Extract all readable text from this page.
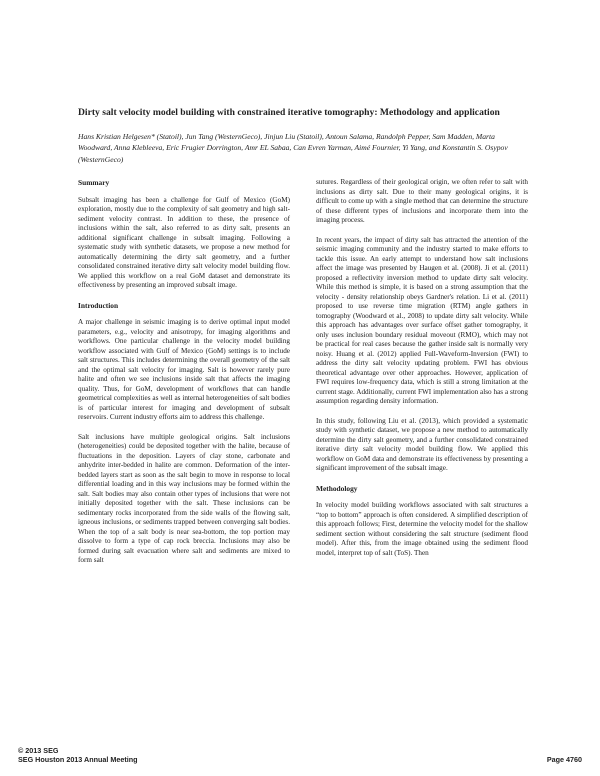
Dirty salt velocity model building with constrained iterative tomography: Methodology and application
Hans Kristian Helgesen* (Statoil), Jun Tang (WesternGeco), Jinjun Liu (Statoil), Antoun Salama, Randolph Pepper, Sam Madden, Marta Woodward, Anna Klebleeva, Eric Frugier Dorrington, Amr EL Sabaa, Can Evren Yarman, Aimé Fournier, Yi Yang, and Konstantin S. Osypov (WesternGeco)
Summary

Subsalt imaging has been a challenge for Gulf of Mexico (GoM) exploration, mostly due to the complexity of salt geometry and high salt-sediment velocity contrast. In addition to these, the presence of inclusions within the salt, also referred to as dirty salt, presents an additional significant challenge in subsalt imaging. Following a systematic study with synthetic datasets, we propose a new method for automatically determining the dirty salt geometry, and a further consolidated constrained iterative dirty salt velocity model building flow. We applied this workflow on a real GoM dataset and demonstrate its effectiveness by presenting an improved subsalt image.

Introduction

A major challenge in seismic imaging is to derive optimal input model parameters, e.g., velocity and anisotropy, for imaging algorithms and workflows. One particular challenge in the velocity model building workflow associated with Gulf of Mexico (GoM) settings is to include salt structures. This includes determining the overall geometry of the salt and the optimal salt velocity for imaging. Salt is however rarely pure halite and often we see inclusions inside salt that affects the imaging quality. Thus, for GoM, development of workflows that can handle geometrical complexities as well as internal heterogeneities of salt bodies is of particular interest for imaging and development of subsalt reservoirs. Current industry efforts aim to address this challenge.

Salt inclusions have multiple geological origins. Salt inclusions (heterogeneities) could be deposited together with the halite, because of fluctuations in the deposition. Layers of clay stone, carbonate and anhydrite inter-bedded in halite are common. Deformation of the inter-bedded layers start as soon as the salt begin to move in response to local differential loading and in this way inclusions may be formed within the salt. Salt bodies may also contain other types of inclusions that were not initially deposited together with the salt. These inclusions can be sedimentary rocks incorporated from the side walls of the flowing salt, igneous inclusions, or sediments trapped between converging salt bodies. When the top of a salt body is near sea-bottom, the top portion may dissolve to form a type of cap rock breccia. Inclusions may also be formed during salt evacuation where salt and sediments are mixed to form salt

sutures. Regardless of their geological origin, we often refer to salt with inclusions as dirty salt. Due to their many geological origins, it is difficult to come up with a single method that can determine the structure of these different types of inclusions and incorporate them into the imaging process.

In recent years, the impact of dirty salt has attracted the attention of the seismic imaging community and the industry started to make efforts to tackle this issue. An early attempt to understand how salt inclusions affect the image was presented by Haugen et al. (2008). Ji et al. (2011) proposed a reflectivity inversion method to update dirty salt velocity. While this method is simple, it is based on a strong assumption that the velocity - density relationship obeys Gardner's relation. Li et al. (2011) proposed to use reverse time migration (RTM) angle gathers in tomography (Woodward et al., 2008) to update dirty salt velocity. While this approach has advantages over surface offset gather tomography, it only uses inclusion boundary residual moveout (RMO), which may not be practical for real cases because the gather inside salt is normally very noisy. Huang et al. (2012) applied Full-Waveform-Inversion (FWI) to address the dirty salt velocity updating problem. FWI has obvious theoretical advantage over other approaches. However, application of FWI requires low-frequency data, which is still a strong limitation at the current stage. Additionally, current FWI implementation also has a strong assumption regarding density information.

In this study, following Liu et al. (2013), which provided a systematic study with synthetic dataset, we propose a new method to automatically determine the dirty salt geometry, and a further consolidated constrained iterative dirty salt velocity model building flow. We applied this workflow on GoM data and demonstrate its effectiveness by presenting a significant improvement of the subsalt image.

Methodology

In velocity model building workflows associated with salt structures a “top to bottom” approach is often considered. A simplified description of this approach follows; First, determine the velocity model for the shallow sediment section without considering the salt structure (sediment flood model). After this, from the image obtained using the sediment flood model, interpret top of salt (ToS). Then

© 2013 SEG
SEG Houston 2013 Annual Meeting	Page 4760
